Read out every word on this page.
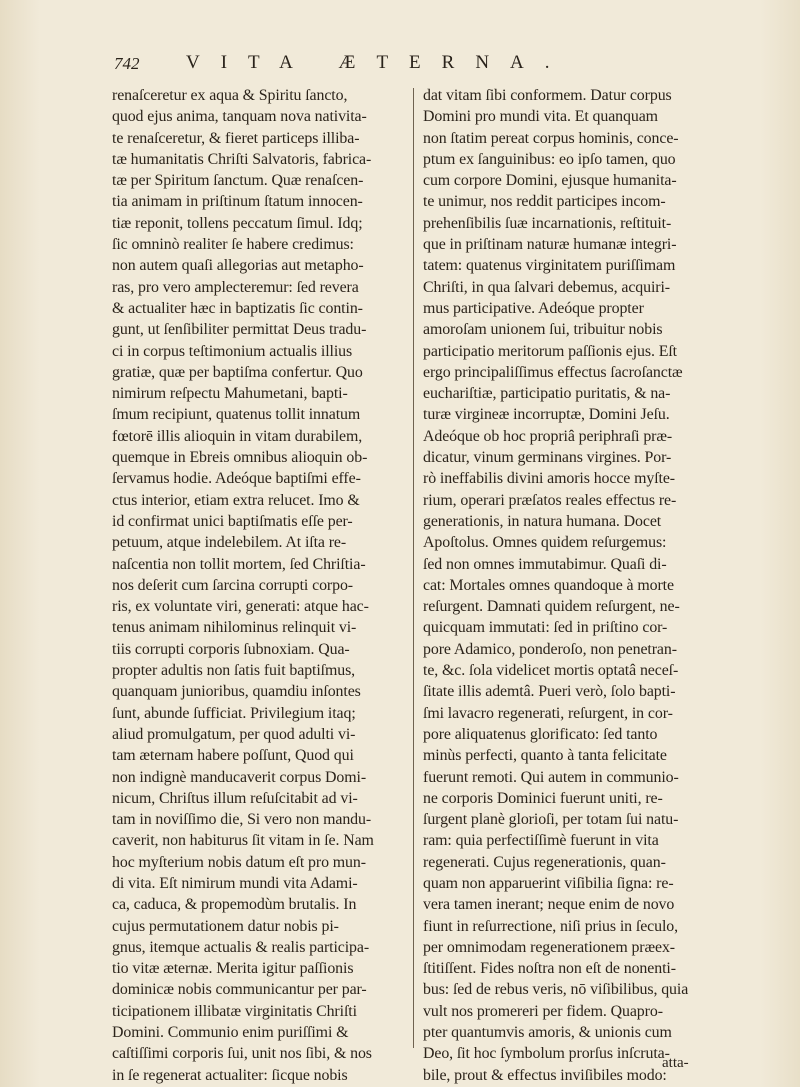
742 VITA ÆTERNA.
renaſceretur ex aqua & Spiritu ſancto,
quod ejus anima, tanquam nova nativita-
te renaſceretur, & fieret particeps illiba-
tæ humanitatis Chriſti Salvatoris, fabrica-
tæ per Spiritum ſanctum. Quæ renaſcen-
tia animam in priſtinum ſtatum innocen-
tiæ reponit, tollens peccatum ſimul. Idq;
ſic omninò realiter ſe habere credimus:
non autem quaſi allegorias aut metapho-
ras, pro vero amplecteremur: ſed revera
& actualiter hæc in baptizatis ſic contin-
gunt, ut ſenſibiliter permittat Deus tradu-
ci in corpus teſtimonium actualis illius
gratiæ, quæ per baptiſma confertur. Quo
nimirum reſpectu Mahumetani, bapti-
ſmum recipiunt, quatenus tollit innatum
fœtorē illis alioquin in vitam durabilem,
quemque in Ebreis omnibus alioquin ob-
ſervamus hodie. Adeóque baptiſmi effe-
ctus interior, etiam extra relucet. Imo &
id confirmat unici baptiſmatis eſſe per-
petuum, atque indelebilem. At iſta re-
naſcentia non tollit mortem, ſed Chriſtia-
nos deſerit cum ſarcina corrupti corpo-
ris, ex voluntate viri, generati: atque hac-
tenus animam nihilominus relinquit vi-
tiis corrupti corporis ſubnoxiam. Qua-
propter adultis non ſatis fuit baptiſmus,
quanquam junioribus, quamdiu inſontes
ſunt, abunde ſufficiat. Privilegium itaq;
aliud promulgatum, per quod adulti vi-
tam æternam habere poſſunt, Quod qui
non indignè manducaverit corpus Domi-
nicum, Chriſtus illum reſuſcitabit ad vi-
tam in noviſſimo die, Si vero non mandu-
caverit, non habiturus ſit vitam in ſe. Nam
hoc myſterium nobis datum eſt pro mun-
di vita. Eſt nimirum mundi vita Adami-
ca, caduca, & propemodùm brutalis. In
cujus permutationem datur nobis pi-
gnus, itemque actualis & realis participa-
tio vitæ æternæ. Merita igitur paſſionis
dominicæ nobis communicantur per par-
ticipationem illibatæ virginitatis Chriſti
Domini. Communio enim puriſſimi &
caſtiſſimi corporis ſui, unit nos ſibi, & nos
in ſe regenerat actualiter: ſicque nobis
dat vitam ſibi conformem. Datur corpus
Domini pro mundi vita. Et quanquam
non ſtatim pereat corpus hominis, conce-
ptum ex ſanguinibus: eo ipſo tamen, quo
cum corpore Domini, ejusque humanita-
te unimur, nos reddit participes incom-
prehenſibilis ſuæ incarnationis, reſtituit-
que in priſtinam naturæ humanæ integri-
tatem: quatenus virginitatem puriſſimam
Chriſti, in qua ſalvari debemus, acquiri-
mus participative. Adeóque propter
amoroſam unionem ſui, tribuitur nobis
participatio meritorum paſſionis ejus. Eſt
ergo principaliſſimus effectus ſacroſanctæ
euchariſtiæ, participatio puritatis, & na-
turæ virgineæ incorruptæ, Domini Jeſu.
Adeóque ob hoc propriâ periphraſi præ-
dicatur, vinum germinans virgines. Por-
rò ineffabilis divini amoris hocce myſte-
rium, operari præſatos reales effectus re-
generationis, in natura humana. Docet
Apoſtolus. Omnes quidem reſurgemus:
ſed non omnes immutabimur. Quaſi di-
cat: Mortales omnes quandoque à morte
reſurgent. Damnati quidem reſurgent, ne-
quicquam immutati: ſed in priſtino cor-
pore Adamico, ponderoſo, non penetran-
te, &c. ſola videlicet mortis optatâ neceſ-
ſitate illis ademtâ. Pueri verò, ſolo bapti-
ſmi lavacro regenerati, reſurgent, in cor-
pore aliquatenus glorificato: ſed tanto
minùs perfecti, quanto à tanta felicitate
fuerunt remoti. Qui autem in communio-
ne corporis Dominici fuerunt uniti, re-
ſurgent planè glorioſi, per totam ſui natu-
ram: quia perfectiſſimè fuerunt in vita
regenerati. Cujus regenerationis, quan-
quam non apparuerint viſibilia ſigna: re-
vera tamen inerant; neque enim de novo
fiunt in reſurrectione, niſi prius in ſeculo,
per omnimodam regenerationem præex-
ſtitiſſent. Fides noſtra non eſt de nonenti-
bus: ſed de rebus veris, nō viſibilibus, quia
vult nos promereri per fidem. Quapro-
pter quantumvis amoris, & unionis cum
Deo, ſit hoc ſymbolum prorſus inſcruta-
bile, prout & effectus inviſibiles modo:
atta-
